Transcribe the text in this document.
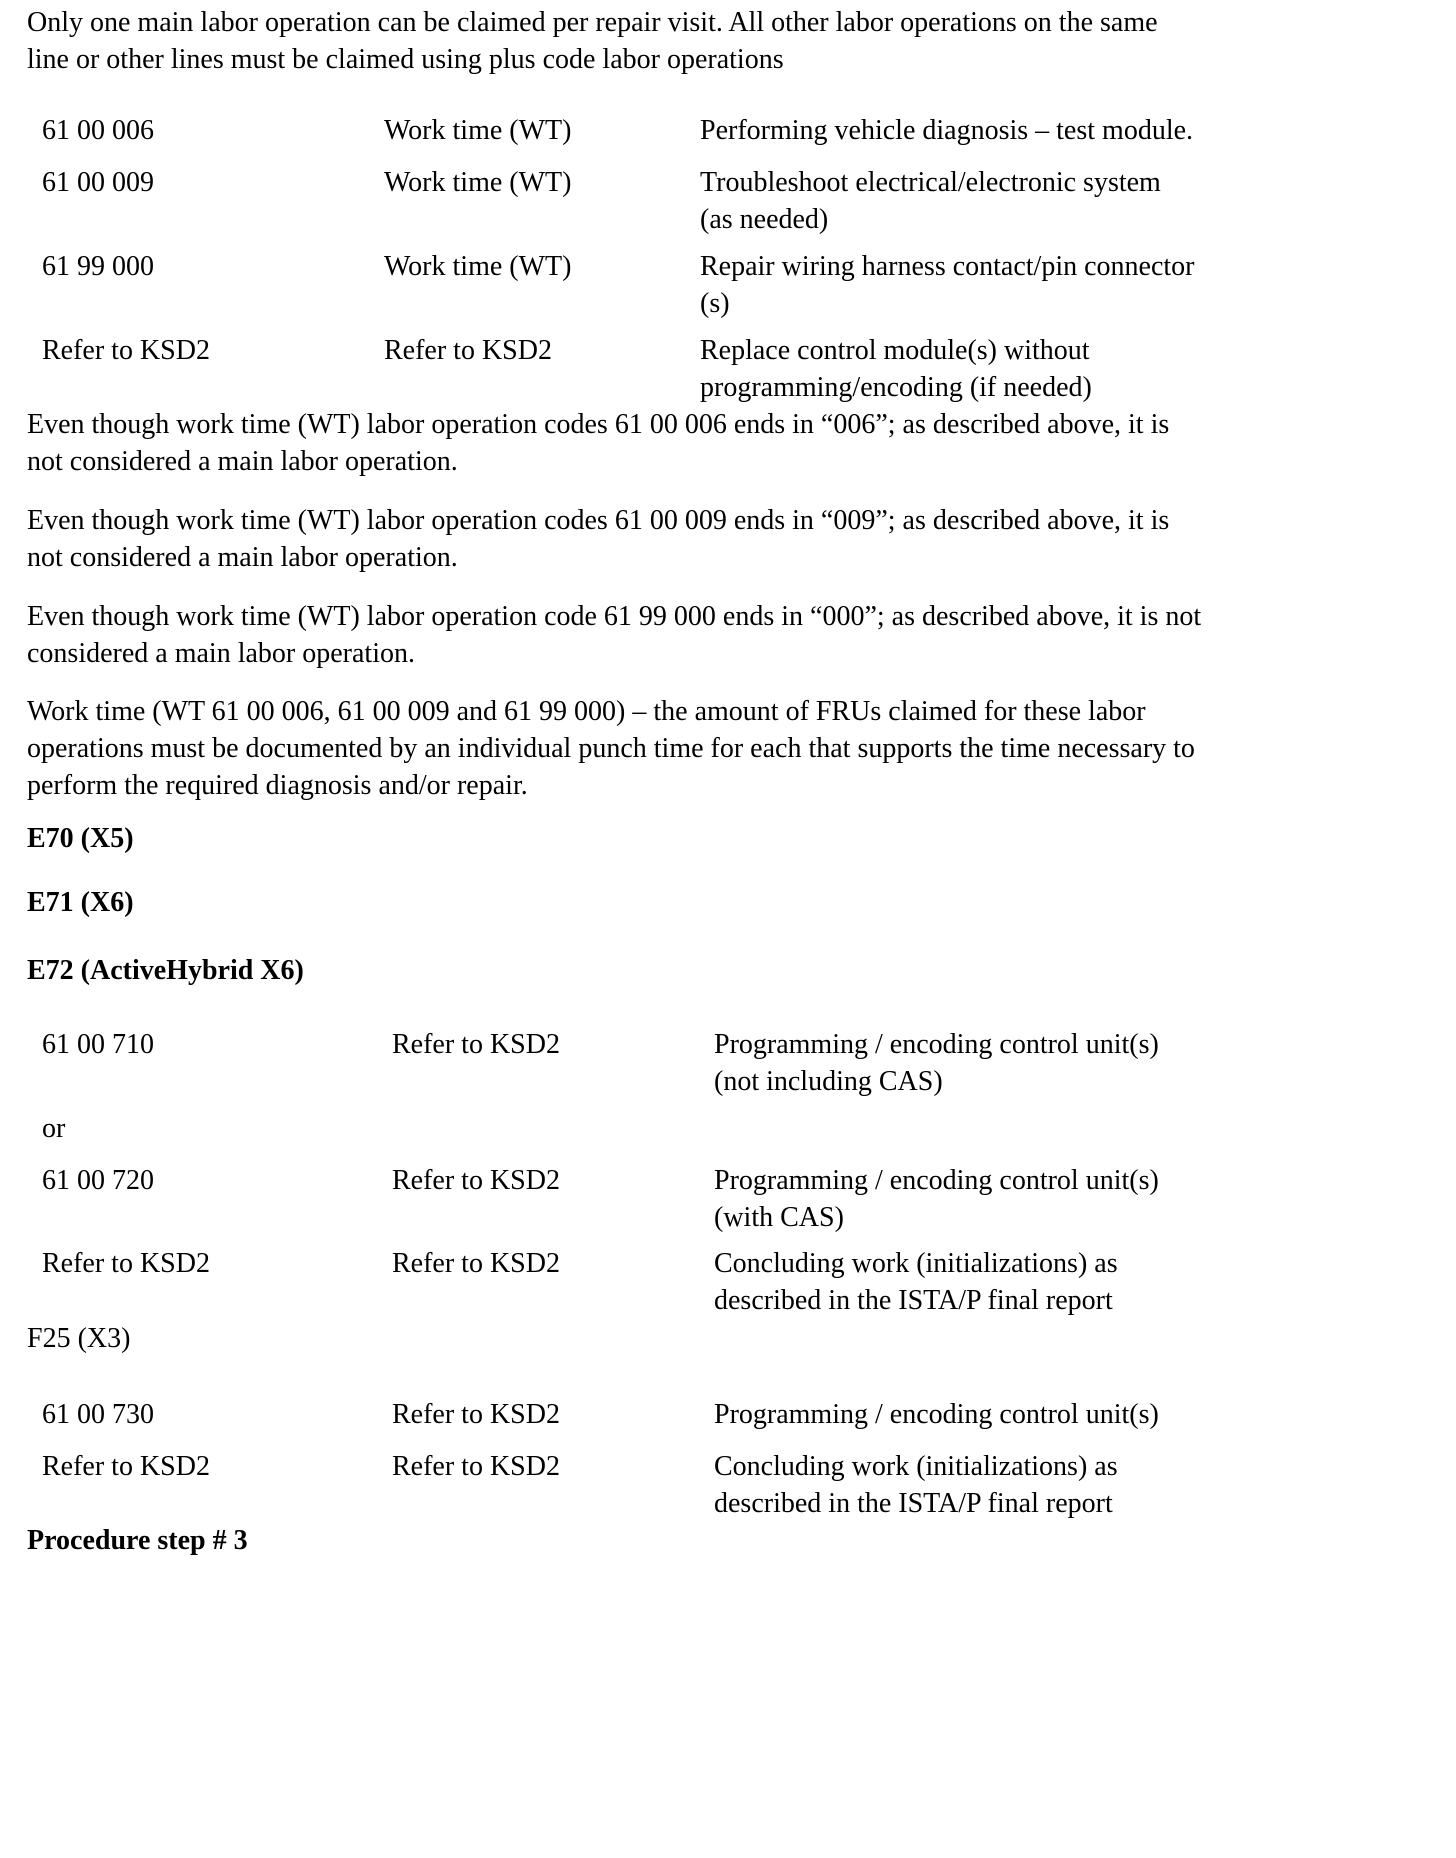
Only one main labor operation can be claimed per repair visit. All other labor operations on the same
line or other lines must be claimed using plus code labor operations
61 00 006	Work time (WT)	Performing vehicle diagnosis – test module.
61 00 009	Work time (WT)	Troubleshoot electrical/electronic system
(as needed)
61 99 000	Work time (WT)	Repair wiring harness contact/pin connector
(s)
Refer to KSD2	Refer to KSD2	Replace control module(s) without
programming/encoding (if needed)
Even though work time (WT) labor operation codes 61 00 006 ends in “006”; as described above, it is
not considered a main labor operation.
Even though work time (WT) labor operation codes 61 00 009 ends in “009”; as described above, it is
not considered a main labor operation.
Even though work time (WT) labor operation code 61 99 000 ends in “000”; as described above, it is not
considered a main labor operation.
Work time (WT 61 00 006, 61 00 009 and 61 99 000) – the amount of FRUs claimed for these labor
operations must be documented by an individual punch time for each that supports the time necessary to
perform the required diagnosis and/or repair.
E70 (X5)
E71 (X6)
E72 (ActiveHybrid X6)
61 00 710	Refer to KSD2	Programming / encoding control unit(s)
(not including CAS)
or
61 00 720	Refer to KSD2	Programming / encoding control unit(s)
(with CAS)
Refer to KSD2	Refer to KSD2	Concluding work (initializations) as
described in the ISTA/P final report
F25 (X3)
61 00 730	Refer to KSD2	Programming / encoding control unit(s)
Refer to KSD2	Refer to KSD2	Concluding work (initializations) as
described in the ISTA/P final report
Procedure step # 3
